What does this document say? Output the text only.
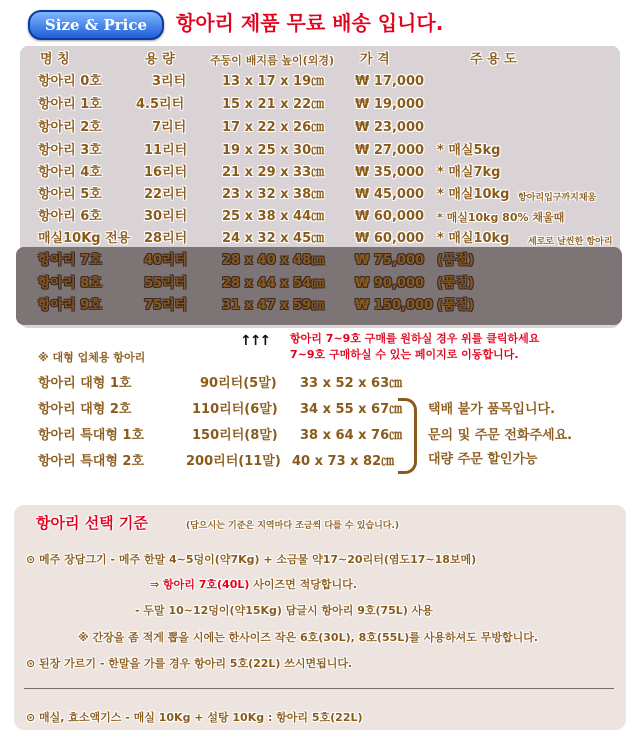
Size & Price	항아리 제품 무료 배송 입니다.
명 칭	용 량	주둥이 배지름 높이(외경) 가 격	주 용 도
항아리 0호	3리터	13 x 17 x 19㎝ ₩ 17,000
항아리 1호	4.5리터	15 x 21 x 22㎝ ₩ 19,000
항아리 2호	7리터	17 x 22 x 26㎝ ₩ 23,000
항아리 3호	11리터	19 x 25 x 30㎝ ₩ 27,000 * 매실5kg
항아리 4호	16리터	21 x 29 x 33㎝ ₩ 35,000 * 매실7kg
항아리 5호	22리터	23 x 32 x 38㎝ ₩ 45,000 * 매실10kg 항아리입구까지채움
항아리 6호	30리터	25 x 38 x 44㎝ ₩ 60,000 * 매실10kg 80% 채울때
매실10Kg 전용 28리터	24 x 32 x 45㎝ ₩ 60,000 * 매실10kg 세로로 날씬한 항아리
항아리 7호	40리터	28 x 40 x 48㎝ ₩ 75,000 (품절)
항아리 8호	55리터	28 x 44 x 54㎝ ₩ 90,000 (품절)
항아리 9호	75리터	31 x 47 x 59㎝ ₩ 150,000 (품절)
↑↑↑ 항아리 7~9호 구매를 원하실 경우 위를 클릭하세요
7~9호 구매하실 수 있는 페이지로 이동합니다.
※ 대형 업체용 항아리
항아리 대형 1호	90리터(5말) 33 x 52 x 63㎝
항아리 대형 2호	110리터(6말) 34 x 55 x 67㎝
항아리 특대형 1호	150리터(8말) 38 x 64 x 76㎝
항아리 특대형 2호	200리터(11말) 40 x 73 x 82㎝
택배 불가 품목입니다.
문의 및 주문 전화주세요.
대량 주문 할인가능
항아리 선택 기준	(담으시는 기준은 지역마다 조금씩 다를 수 있습니다.)
⊙ 메주 장담그기 - 메주 한말 4~5덩이(약7Kg) + 소금물 약17~20리터(염도17~18보메)
⇒ 항아리 7호(40L) 사이즈면 적당합니다.
- 두말 10~12덩이(약15Kg) 담글시 항아리 9호(75L) 사용
※ 간장을 좀 적게 뽑을 시에는 한사이즈 작은 6호(30L), 8호(55L)를 사용하셔도 무방합니다.
⊙ 된장 가르기 - 한말을 가를 경우 항아리 5호(22L) 쓰시면됩니다.
⊙ 매실, 효소액기스 - 매실 10Kg + 설탕 10Kg : 항아리 5호(22L)
